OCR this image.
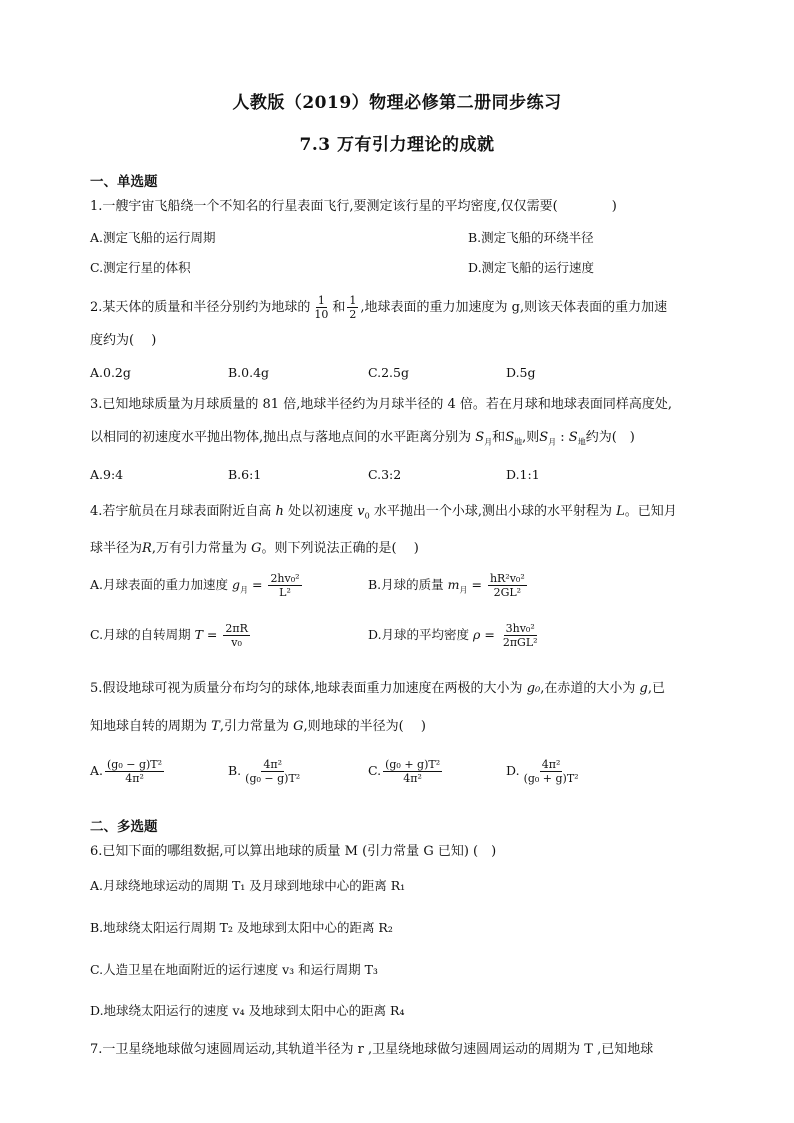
人教版（2019）物理必修第二册同步练习
7.3 万有引力理论的成就
一、单选题
1.一艘宇宙飞船绕一个不知名的行星表面飞行,要测定该行星的平均密度,仅仅需要(	)
A.测定飞船的运行周期	B.测定飞船的环绕半径
C.测定行星的体积	D.测定飞船的运行速度
2.某天体的质量和半径分别约为地球的 $\frac{1}{10}$ 和 $\frac{1}{2}$ ,地球表面的重力加速度为 g,则该天体表面的重力加速
度约为(　 )
A.0.2g	B.0.4g	C.2.5g	D.5g
3.已知地球质量为月球质量的 81 倍,地球半径约为月球半径的 4 倍。若在月球和地球表面同样高度处,
以相同的初速度水平抛出物体,抛出点与落地点间的水平距离分别为 $S_月$和$S_地$,则$S_月$ : $S_地$约为(　)
A.9:4	B.6:1	C.3:2	D.1:1
4.若宇航员在月球表面附近自高 h 处以初速度 $v_0$ 水平抛出一个小球,测出小球的水平射程为 L。已知月
球半径为R,万有引力常量为 G。则下列说法正确的是(　 )
A.月球表面的重力加速度 $g_月 = \frac{\text{2hv₀²}}{\text{L²}}$	B.月球的质量 $m_月 = \frac{\text{hR²v₀²}}{\text{2GL²}}$
C.月球的自转周期 $T = \frac{2\pi R}{\text{v₀}}$	D.月球的平均密度 $\rho = \frac{\text{3hv₀²}}{\text{2πGL²}}$
5.假设地球可视为质量分布均匀的球体,地球表面重力加速度在两极的大小为 g₀,在赤道的大小为 g,已
知地球自转的周期为 T,引力常量为 G,则地球的半径为(　 )
A. $\frac{\text{(g₀ − g)T²}}{\text{4π²}}$	B. $\frac{\text{4π²}}{\text{(g₀ − g)T²}}$	C. $\frac{\text{(g₀ + g)T²}}{\text{4π²}}$	D. $\frac{\text{4π²}}{\text{(g₀ + g)T²}}$
二、多选题
6.已知下面的哪组数据,可以算出地球的质量 M (引力常量 G 已知) (　)
A.月球绕地球运动的周期 T₁ 及月球到地球中心的距离 R₁
B.地球绕太阳运行周期 T₂ 及地球到太阳中心的距离 R₂
C.人造卫星在地面附近的运行速度 v₃ 和运行周期 T₃
D.地球绕太阳运行的速度 v₄ 及地球到太阳中心的距离 R₄
7.一卫星绕地球做匀速圆周运动,其轨道半径为 r ,卫星绕地球做匀速圆周运动的周期为 T ,已知地球
